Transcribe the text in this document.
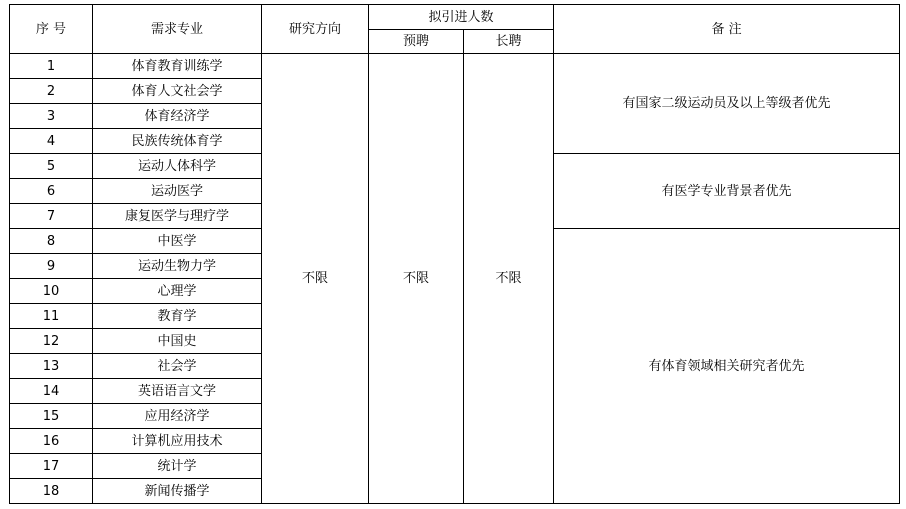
序 号	需求专业	研究方向	拟引进人数		备 注
			预聘	长聘	
1	体育教育训练学	不限	不限	不限	有国家二级运动员及以上等级者优先
2	体育人文社会学				
3	体育经济学				
4	民族传统体育学				
5	运动人体科学				有医学专业背景者优先
6	运动医学				
7	康复医学与理疗学				
8	中医学				有体育领域相关研究者优先
9	运动生物力学				
10	心理学				
11	教育学				
12	中国史				
13	社会学				
14	英语语言文学				
15	应用经济学				
16	计算机应用技术				
17	统计学				
18	新闻传播学				
